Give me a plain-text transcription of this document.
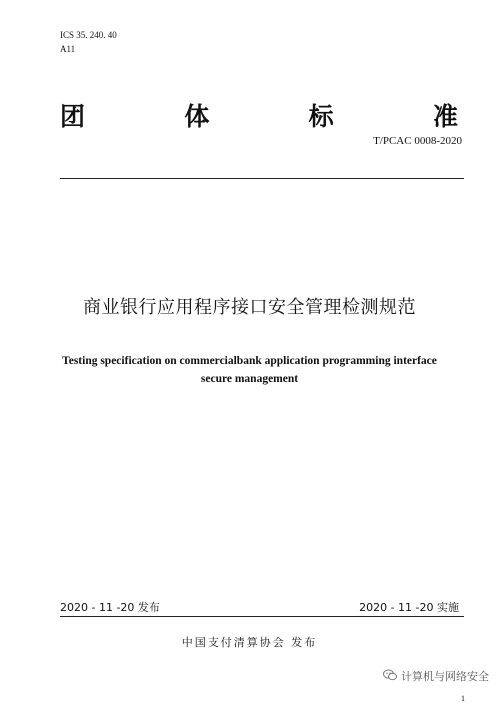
ICS 35. 240. 40
A11
团	体	标	准
T/PCAC 0008-2020
商业银行应用程序接口安全管理检测规范
Testing specification on commercialbank application programming interface
secure management
2020 - 11 -20 发布	2020 - 11 -20 实施
中国支付清算协会 发布
计算机与网络安全
1
